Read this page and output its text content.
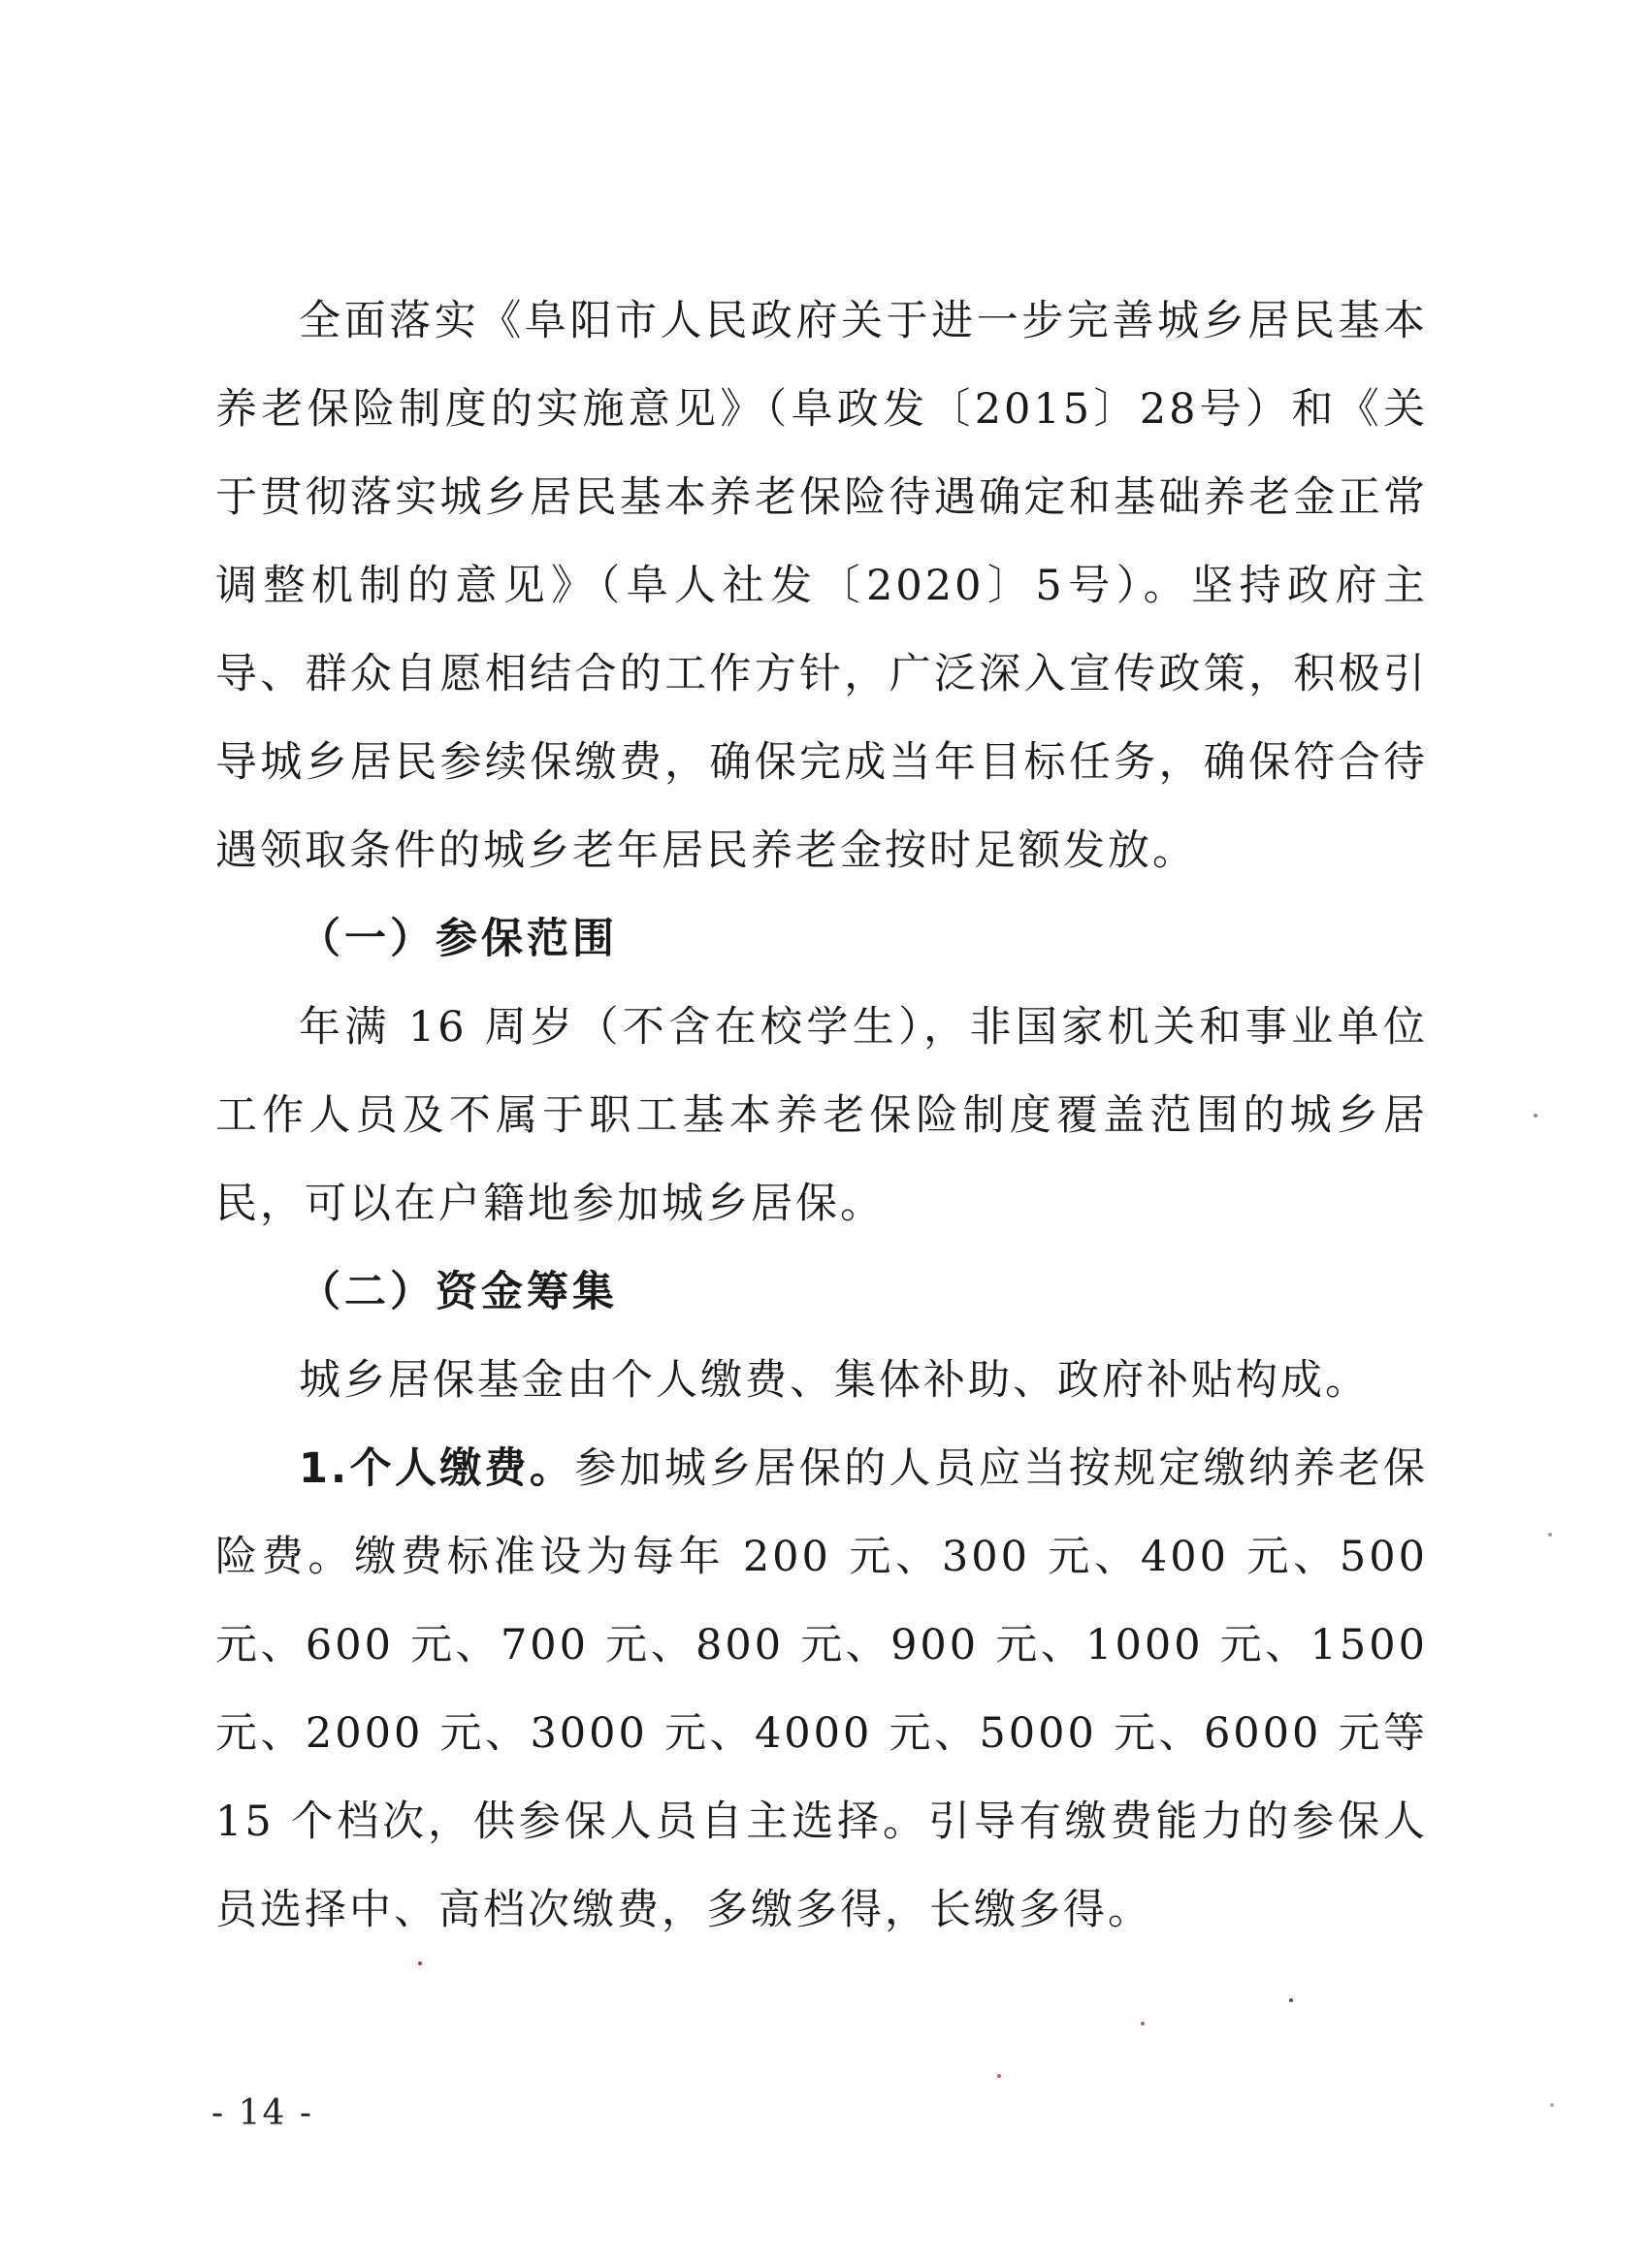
全面落实《阜阳市人民政府关于进一步完善城乡居民基本养老保险制度的实施意见》（阜政发〔2015〕28号）和《关于贯彻落实城乡居民基本养老保险待遇确定和基础养老金正常调整机制的意见》（阜人社发〔2020〕5号）。坚持政府主导、群众自愿相结合的工作方针，广泛深入宣传政策，积极引导城乡居民参续保缴费，确保完成当年目标任务，确保符合待遇领取条件的城乡老年居民养老金按时足额发放。

（一）参保范围

年满 16 周岁（不含在校学生），非国家机关和事业单位工作人员及不属于职工基本养老保险制度覆盖范围的城乡居民，可以在户籍地参加城乡居保。

（二）资金筹集

城乡居保基金由个人缴费、集体补助、政府补贴构成。

1.个人缴费。参加城乡居保的人员应当按规定缴纳养老保险费。缴费标准设为每年 200 元、300 元、400 元、500 元、600 元、700 元、800 元、900 元、1000 元、1500 元、2000 元、3000 元、4000 元、5000 元、6000 元等 15 个档次，供参保人员自主选择。引导有缴费能力的参保人员选择中、高档次缴费，多缴多得，长缴多得。

- 14 -
